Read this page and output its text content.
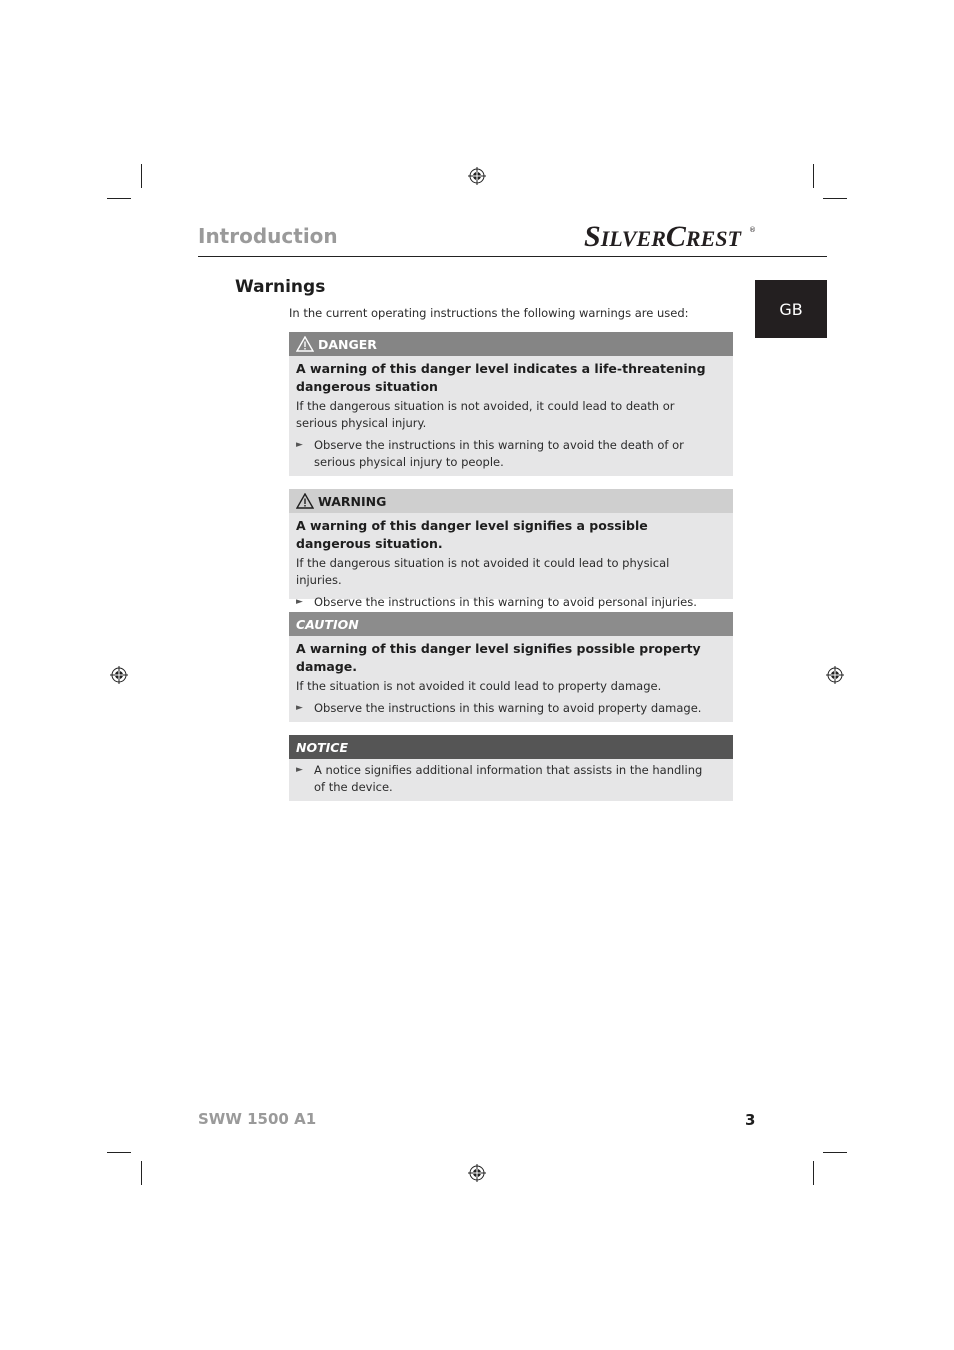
Introduction	SILVERCREST ®
GB
Warnings
In the current operating instructions the following warnings are used:
DANGER

A warning of this danger level indicates a life-threatening dangerous situation

If the dangerous situation is not avoided, it could lead to death or serious physical injury.

► Observe the instructions in this warning to avoid the death of or serious physical injury to people.
WARNING

A warning of this danger level signifies a possible dangerous situation.

If the dangerous situation is not avoided it could lead to physical injuries.

► Observe the instructions in this warning to avoid personal injuries.
CAUTION

A warning of this danger level signifies possible property damage.

If the situation is not avoided it could lead to property damage.

► Observe the instructions in this warning to avoid property damage.
NOTICE
► A notice signifies additional information that assists in the handling of the device.
SWW 1500 A1	3
